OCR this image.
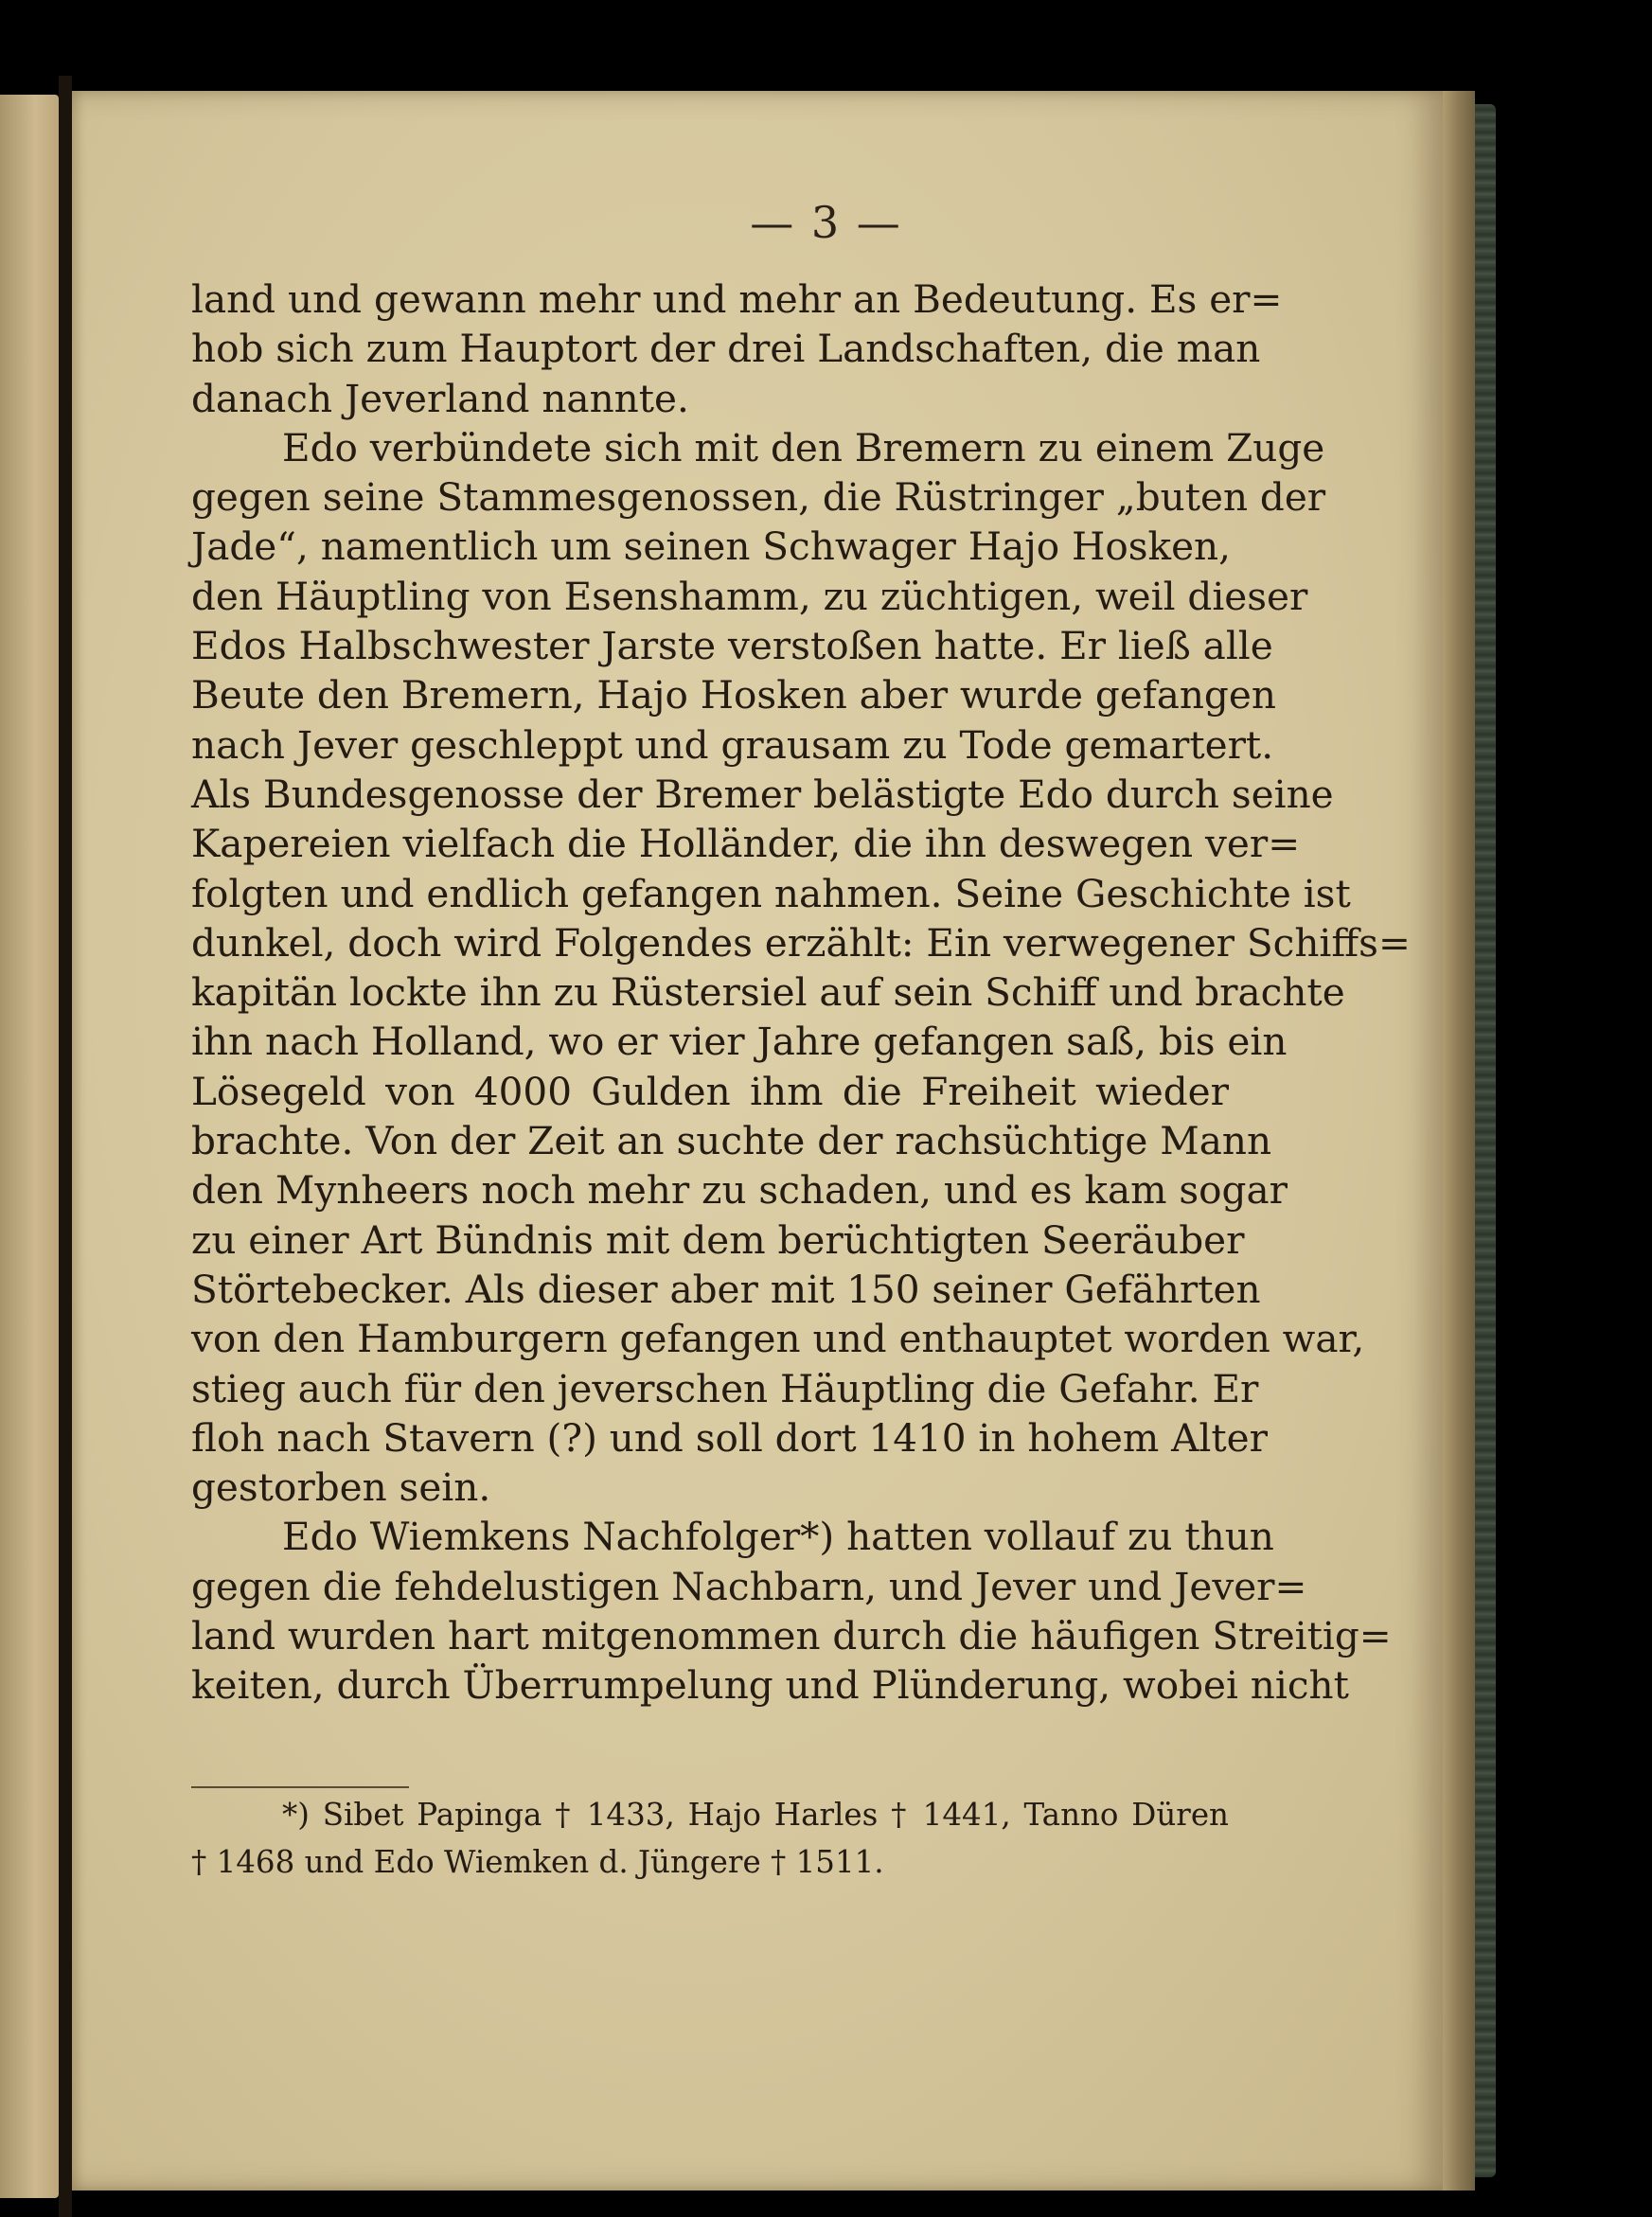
— 3 —
land und gewann mehr und mehr an Bedeutung. Es er=
hob sich zum Hauptort der drei Landschaften, die man
danach Jeverland nannte.
Edo verbündete sich mit den Bremern zu einem Zuge
gegen seine Stammesgenossen, die Rüstringer „buten der
Jade“, namentlich um seinen Schwager Hajo Hosken,
den Häuptling von Esenshamm, zu züchtigen, weil dieser
Edos Halbschwester Jarste verstoßen hatte. Er ließ alle
Beute den Bremern, Hajo Hosken aber wurde gefangen
nach Jever geschleppt und grausam zu Tode gemartert.
Als Bundesgenosse der Bremer belästigte Edo durch seine
Kapereien vielfach die Holländer, die ihn deswegen ver=
folgten und endlich gefangen nahmen. Seine Geschichte ist
dunkel, doch wird Folgendes erzählt: Ein verwegener Schiffs=
kapitän lockte ihn zu Rüstersiel auf sein Schiff und brachte
ihn nach Holland, wo er vier Jahre gefangen saß, bis ein
Lösegeld von 4000 Gulden ihm die Freiheit wieder
brachte. Von der Zeit an suchte der rachsüchtige Mann
den Mynheers noch mehr zu schaden, und es kam sogar
zu einer Art Bündnis mit dem berüchtigten Seeräuber
Störtebecker. Als dieser aber mit 150 seiner Gefährten
von den Hamburgern gefangen und enthauptet worden war,
stieg auch für den jeverschen Häuptling die Gefahr. Er
floh nach Stavern (?) und soll dort 1410 in hohem Alter
gestorben sein.
Edo Wiemkens Nachfolger*) hatten vollauf zu thun
gegen die fehdelustigen Nachbarn, und Jever und Jever=
land wurden hart mitgenommen durch die häufigen Streitig=
keiten, durch Überrumpelung und Plünderung, wobei nicht
*) Sibet Papinga † 1433, Hajo Harles † 1441, Tanno Düren
† 1468 und Edo Wiemken d. Jüngere † 1511.
